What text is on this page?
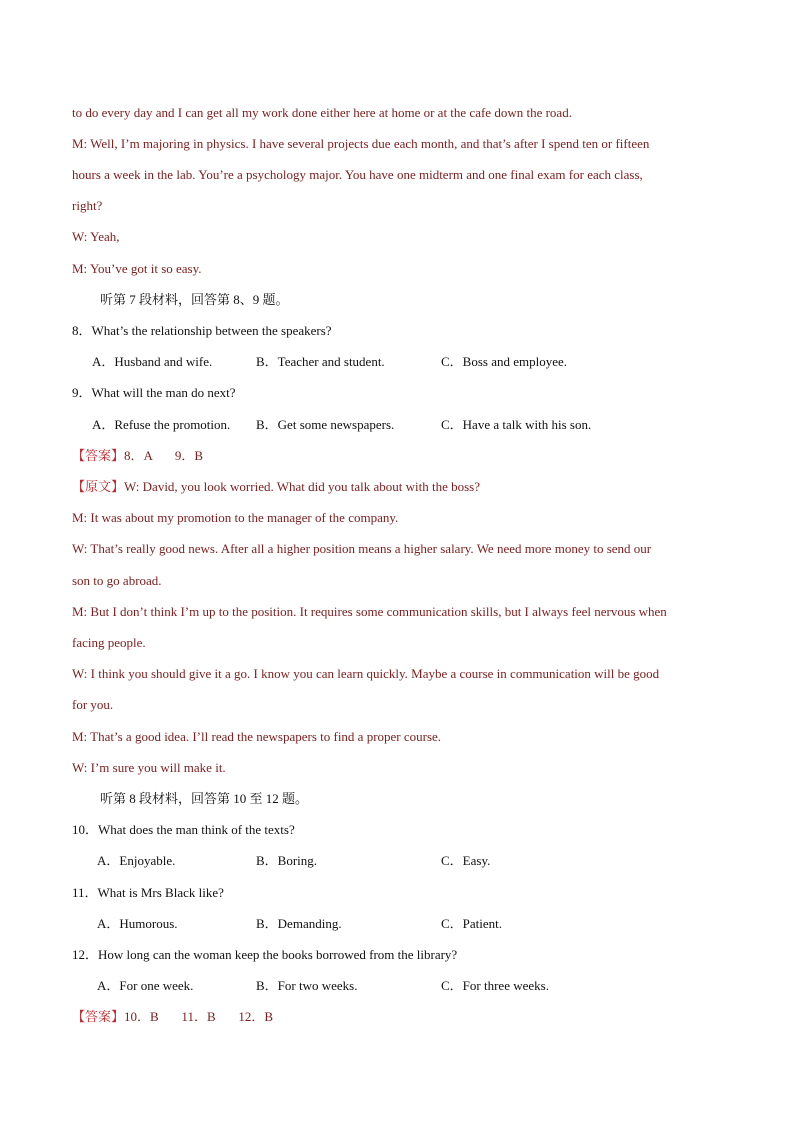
to do every day and I can get all my work done either here at home or at the cafe down the road.
M: Well, I’m majoring in physics. I have several projects due each month, and that’s after I spend ten or fifteen
hours a week in the lab. You’re a psychology major. You have one midterm and one final exam for each class,
right?
W: Yeah,
M: You’ve got it so easy.
听第 7 段材料，回答第 8、9 题。
8．What’s the relationship between the speakers?
A．Husband and wife.	B．Teacher and student.	C．Boss and employee.
9．What will the man do next?
A．Refuse the promotion. B．Get some newspapers.	C．Have a talk with his son.
【答案】8．A       9．B
【原文】W: David, you look worried. What did you talk about with the boss?
M: It was about my promotion to the manager of the company.
W: That’s really good news. After all a higher position means a higher salary. We need more money to send our
son to go abroad.
M: But I don’t think I’m up to the position. It requires some communication skills, but I always feel nervous when
facing people.
W: I think you should give it a go. I know you can learn quickly. Maybe a course in communication will be good
for you.
M: That’s a good idea. I’ll read the newspapers to find a proper course.
W: I’m sure you will make it.
听第 8 段材料，回答第 10 至 12 题。
10．What does the man think of the texts?
A．Enjoyable.	B．Boring.	C．Easy.
11．What is Mrs Black like?
A．Humorous.	B．Demanding.	C．Patient.
12．How long can the woman keep the books borrowed from the library?
A．For one week.	B．For two weeks.	C．For three weeks.
【答案】10．B       11．B       12．B
